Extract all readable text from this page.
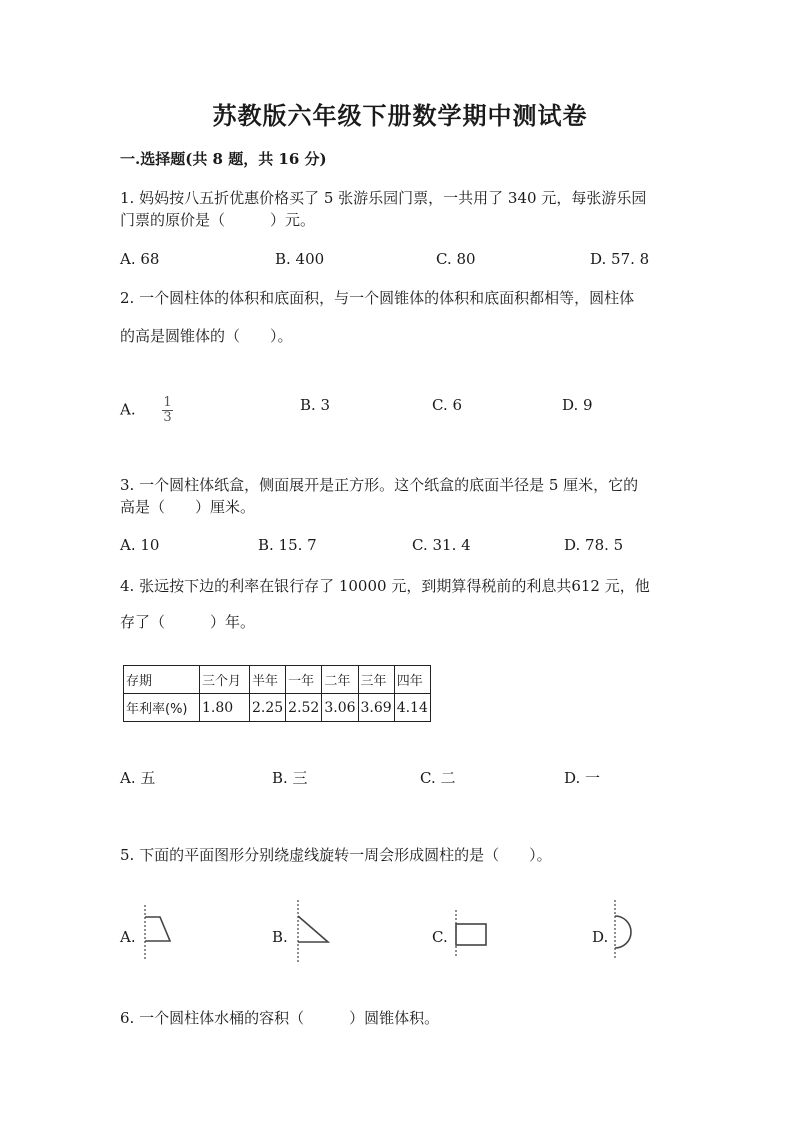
苏教版六年级下册数学期中测试卷
一.选择题(共 8 题，共 16 分)
1. 妈妈按八五折优惠价格买了 5 张游乐园门票，一共用了 340 元，每张游乐园
门票的原价是（　　　）元。
A. 68	B. 400	C. 80	D. 57. 8
2. 一个圆柱体的体积和底面积，与一个圆锥体的体积和底面积都相等，圆柱体
的高是圆锥体的（　　）。
A. $\frac{1}{3}$	B. 3	C. 6	D. 9
3. 一个圆柱体纸盒，侧面展开是正方形。这个纸盒的底面半径是 5 厘米，它的
高是（　　）厘米。
A. 10	B. 15. 7	C. 31. 4	D. 78. 5
4. 张远按下边的利率在银行存了 10000 元，到期算得税前的利息共612 元，他
存了（　　　）年。
存期	三个月	半年	一年	二年	三年	四年
年利率(%)	1.80	2.25	2.52	3.06	3.69	4.14
A. 五	B. 三	C. 二	D. 一
5. 下面的平面图形分别绕虚线旋转一周会形成圆柱的是（　　）。
A.	B.	C.	D.
6. 一个圆柱体水桶的容积（　　　）圆锥体积。
